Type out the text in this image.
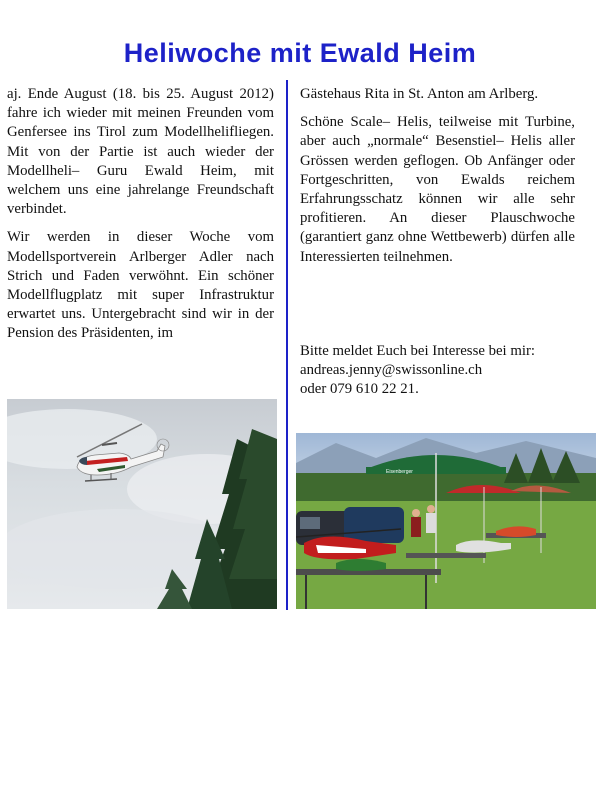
Heliwoche mit Ewald Heim

aj. Ende August (18. bis 25. August 2012) fahre ich wieder mit meinen Freunden vom Genfersee ins Tirol zum Modellhelifliegen. Mit von der Partie ist auch wieder der Modellheli– Guru Ewald Heim, mit welchem uns eine jahrelange Freundschaft verbindet.

Wir werden in dieser Woche vom Modellsportverein Arlberger Adler nach Strich und Faden verwöhnt. Ein schöner Modellflugplatz mit super Infrastruktur erwartet uns. Untergebracht sind wir in der Pension des Präsidenten, im

Gästehaus Rita in St. Anton am Arlberg.

Schöne Scale– Helis, teilweise mit Turbine, aber auch „normale“ Besenstiel– Helis aller Grössen werden geflogen. Ob Anfänger oder Fortgeschritten, von Ewalds reichem Erfahrungsschatz können wir alle sehr profitieren. An dieser Plauschwoche (garantiert ganz ohne Wettbewerb) dürfen alle Interessierten teilnehmen.

Bitte meldet Euch bei Interesse bei mir:
andreas.jenny@swissonline.ch
oder 079 610 22 21.
Eisenberger
